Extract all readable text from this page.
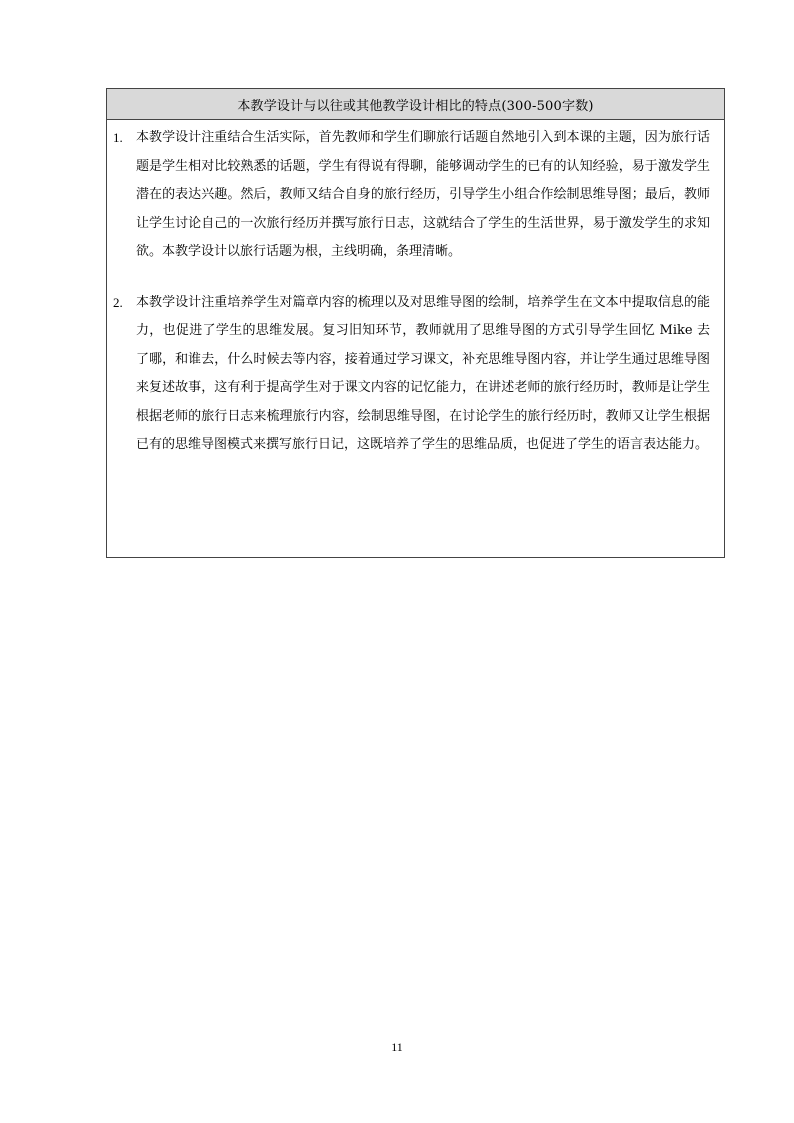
本教学设计与以往或其他教学设计相比的特点(300-500字数)
1.	本教学设计注重结合生活实际，首先教师和学生们聊旅行话题自然地引入到本课的主题，因为旅行话题是学生相对比较熟悉的话题，学生有得说有得聊，能够调动学生的已有的认知经验，易于激发学生潜在的表达兴趣。然后，教师又结合自身的旅行经历，引导学生小组合作绘制思维导图；最后，教师让学生讨论自己的一次旅行经历并撰写旅行日志，这就结合了学生的生活世界，易于激发学生的求知欲。本教学设计以旅行话题为根，主线明确，条理清晰。
2.	本教学设计注重培养学生对篇章内容的梳理以及对思维导图的绘制，培养学生在文本中提取信息的能力，也促进了学生的思维发展。复习旧知环节，教师就用了思维导图的方式引导学生回忆 Mike 去了哪，和谁去，什么时候去等内容，接着通过学习课文，补充思维导图内容，并让学生通过思维导图来复述故事，这有利于提高学生对于课文内容的记忆能力，在讲述老师的旅行经历时，教师是让学生根据老师的旅行日志来梳理旅行内容，绘制思维导图，在讨论学生的旅行经历时，教师又让学生根据已有的思维导图模式来撰写旅行日记，这既培养了学生的思维品质，也促进了学生的语言表达能力。
11
